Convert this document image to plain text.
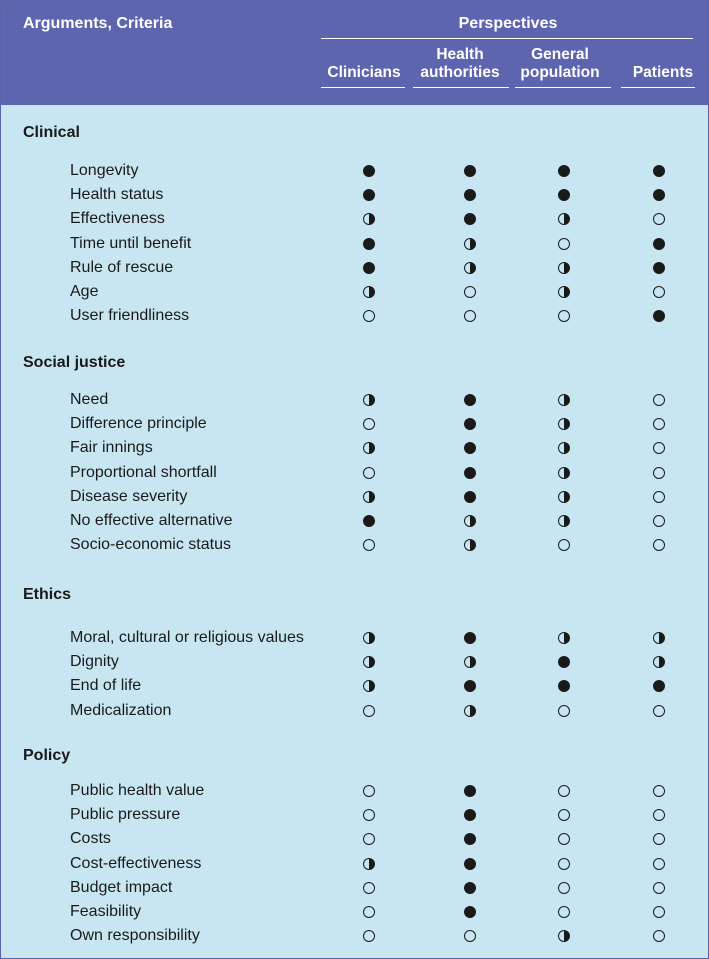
Arguments, Criteria	Perspectives
Clinicians
Health
authorities
General
population	Patients
Clinical
Longevity
Health status
Effectiveness
Time until benefit
Rule of rescue
Age
User friendliness
Social justice
Need
Difference principle
Fair innings
Proportional shortfall
Disease severity
No effective alternative
Socio-economic status
Ethics
Moral, cultural or religious values
Dignity
End of life
Medicalization
Policy
Public health value
Public pressure
Costs
Cost-effectiveness
Budget impact
Feasibility
Own responsibility
